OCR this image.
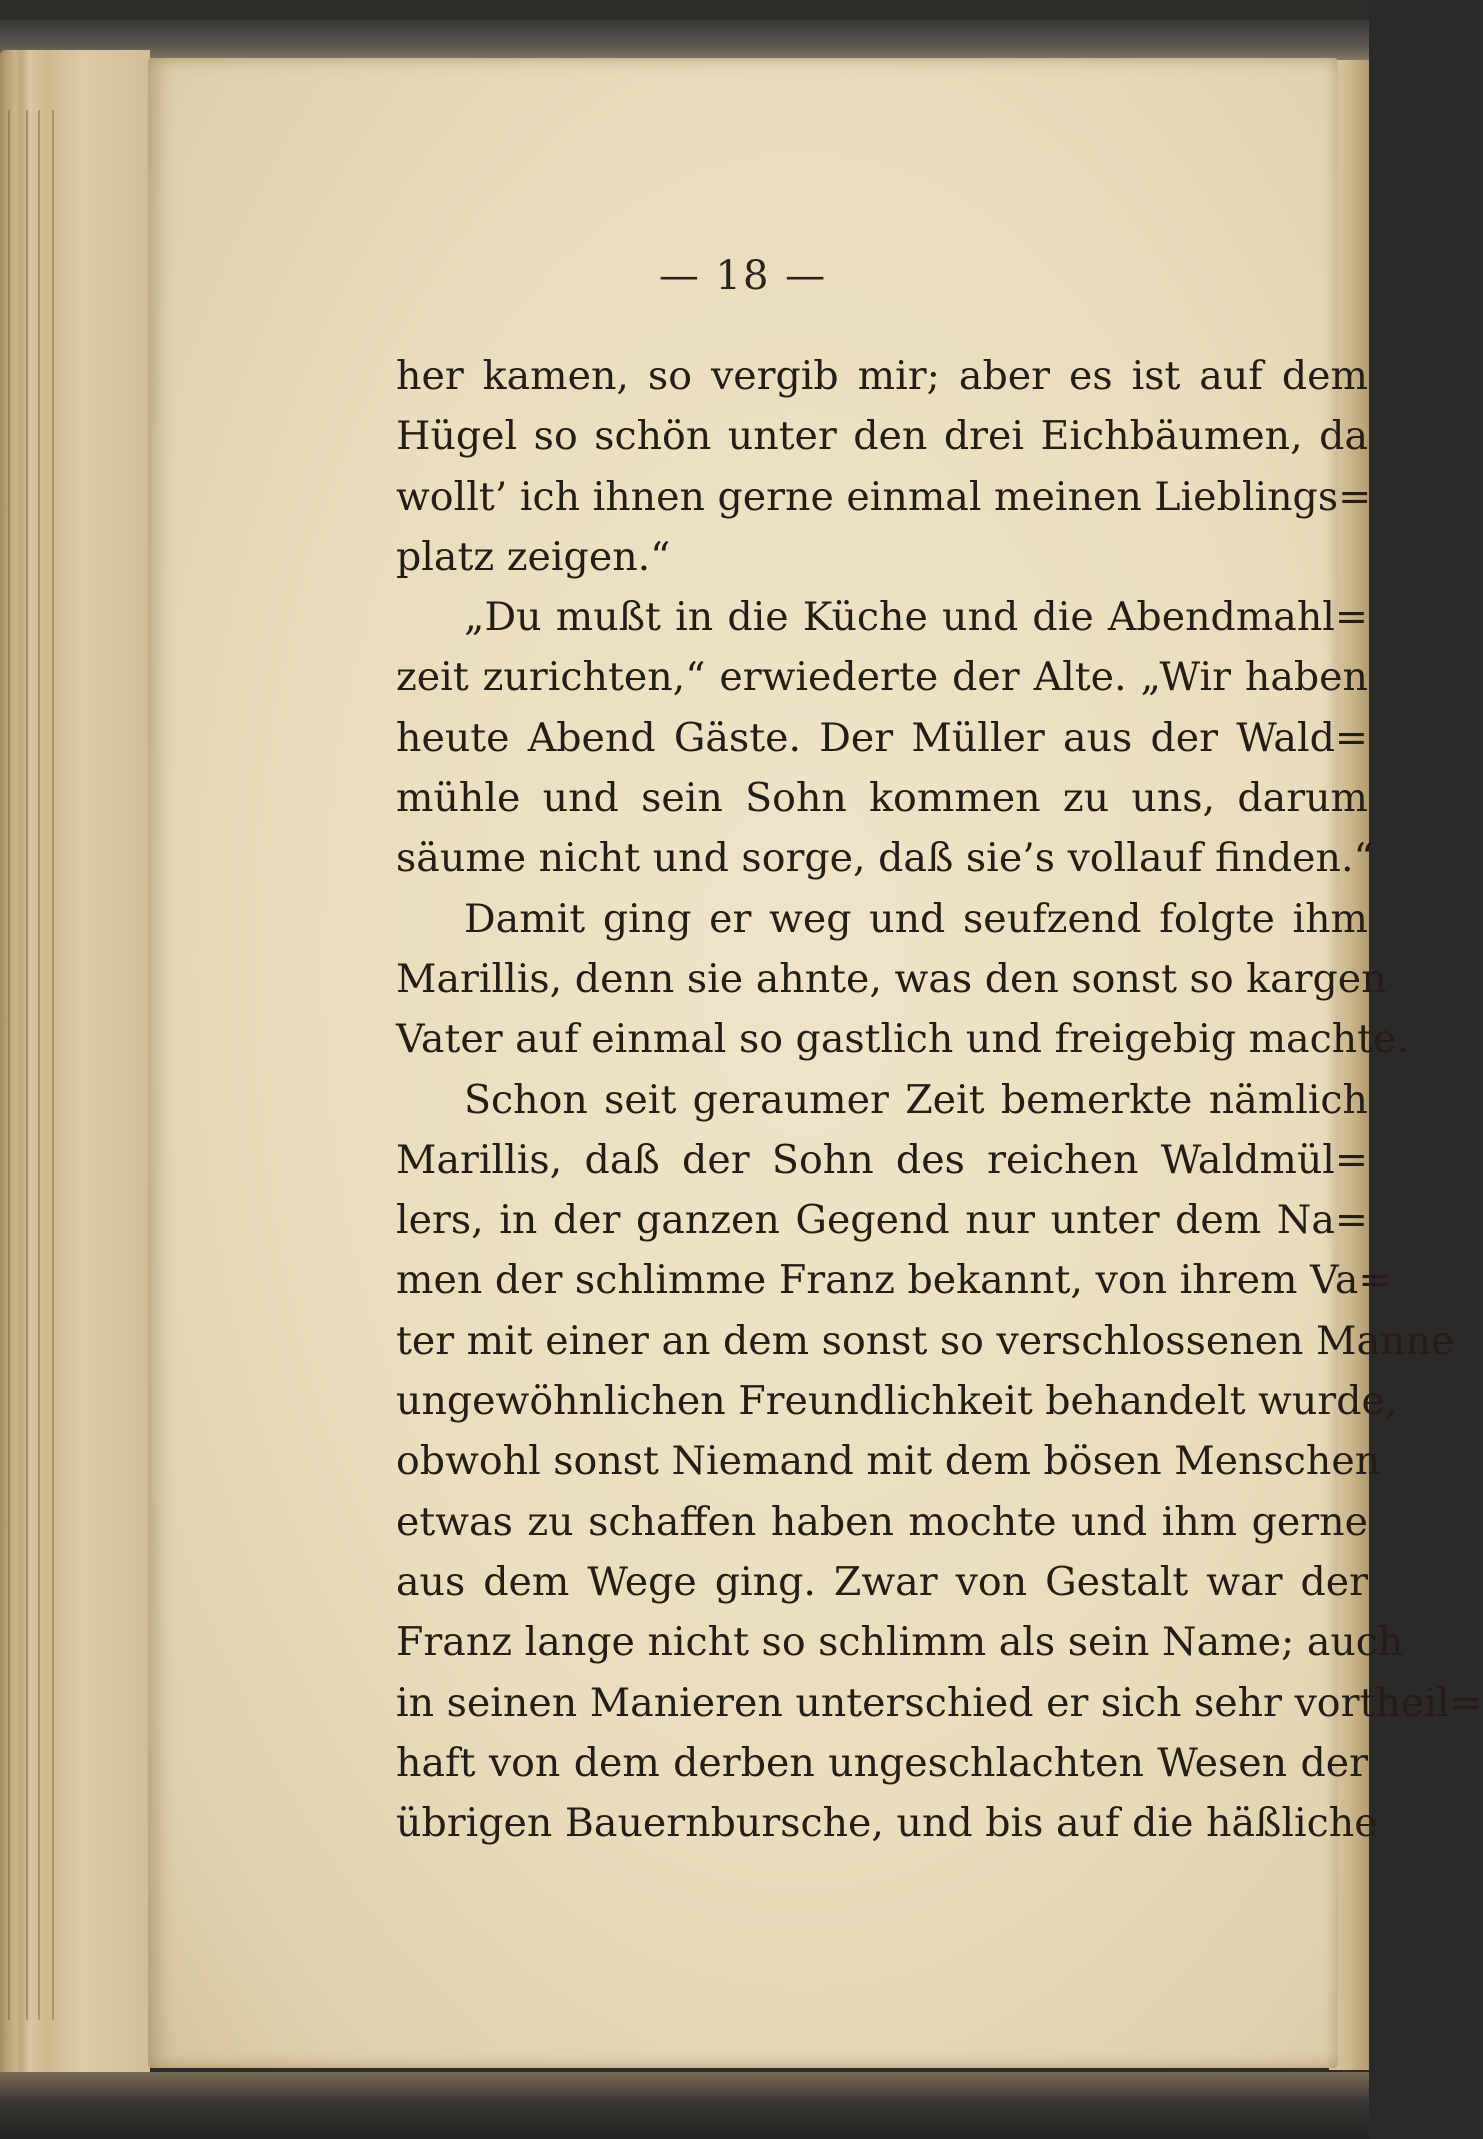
— 18 —
her kamen, so vergib mir; aber es ist auf dem
Hügel so schön unter den drei Eichbäumen, da
wollt’ ich ihnen gerne einmal meinen Lieblings=
platz zeigen.“
„Du mußt in die Küche und die Abendmahl=
zeit zurichten,“ erwiederte der Alte. „Wir haben
heute Abend Gäste. Der Müller aus der Wald=
mühle und sein Sohn kommen zu uns, darum
säume nicht und sorge, daß sie’s vollauf finden.“
Damit ging er weg und seufzend folgte ihm
Marillis, denn sie ahnte, was den sonst so kargen
Vater auf einmal so gastlich und freigebig machte.
Schon seit geraumer Zeit bemerkte nämlich
Marillis, daß der Sohn des reichen Waldmül=
lers, in der ganzen Gegend nur unter dem Na=
men der schlimme Franz bekannt, von ihrem Va=
ter mit einer an dem sonst so verschlossenen Manne
ungewöhnlichen Freundlichkeit behandelt wurde,
obwohl sonst Niemand mit dem bösen Menschen
etwas zu schaffen haben mochte und ihm gerne
aus dem Wege ging. Zwar von Gestalt war der
Franz lange nicht so schlimm als sein Name; auch
in seinen Manieren unterschied er sich sehr vortheil=
haft von dem derben ungeschlachten Wesen der
übrigen Bauernbursche, und bis auf die häßliche
